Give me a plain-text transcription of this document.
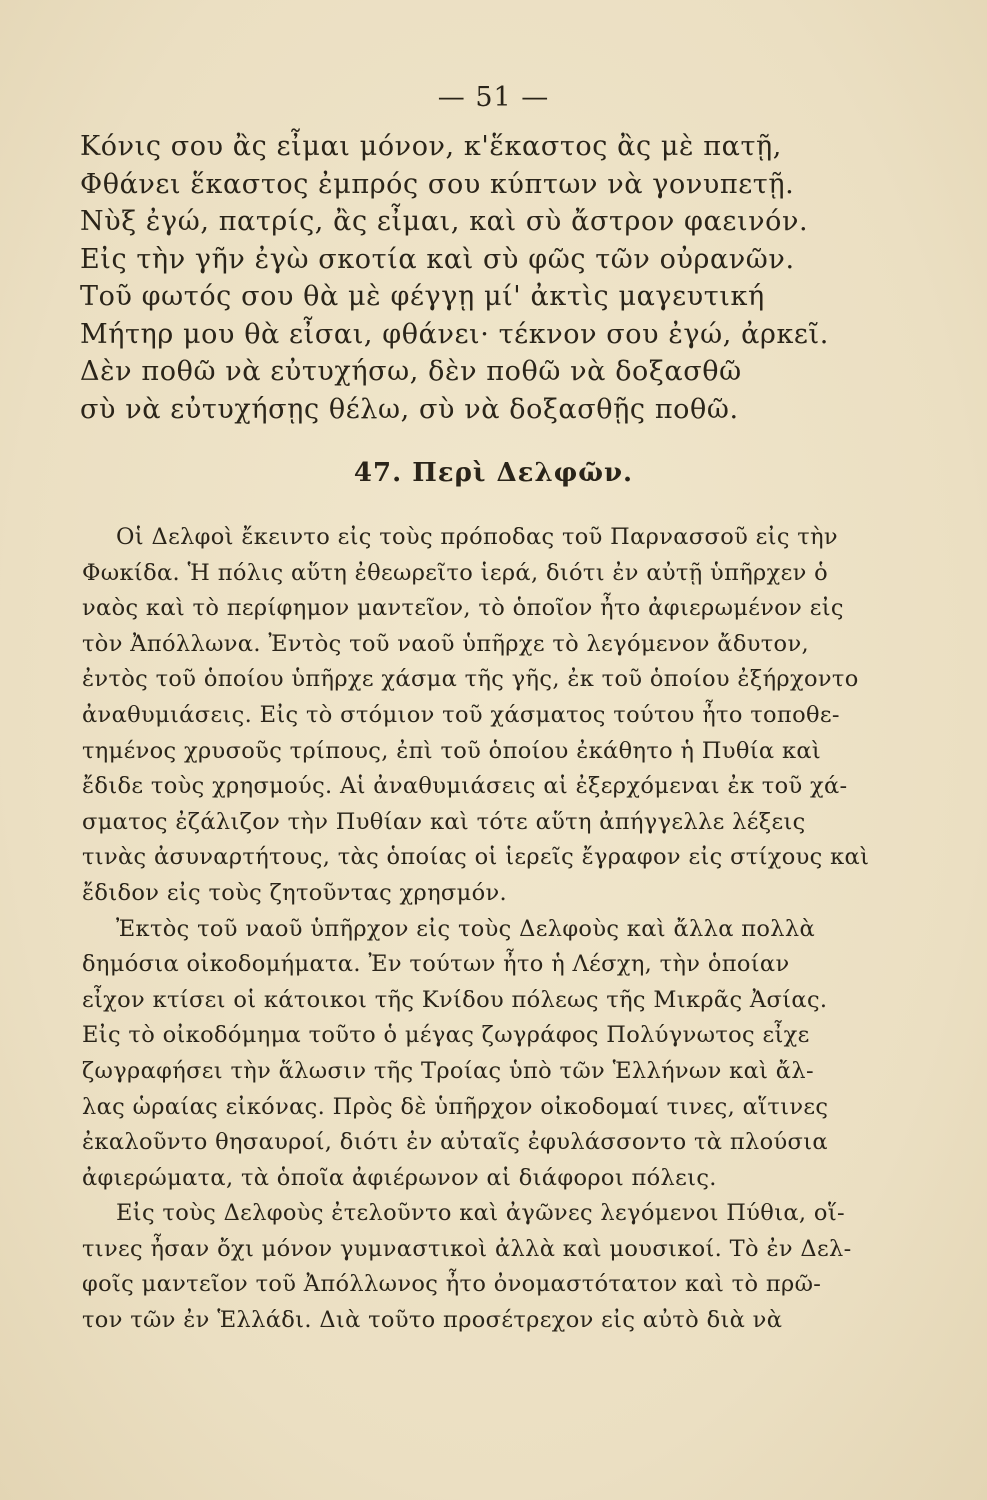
— 51 —
Κόνις σου ἂς εἶμαι μόνον, κ'ἕκαστος ἂς μὲ πατῇ,
Φθάνει ἕκαστος ἐμπρός σου κύπτων νὰ γονυπετῇ.
Νὺξ ἐγώ, πατρίς, ἂς εἶμαι, καὶ σὺ ἄστρον φαεινόν.
Εἰς τὴν γῆν ἐγὼ σκοτία καὶ σὺ φῶς τῶν οὐρανῶν.
Τοῦ φωτός σου θὰ μὲ φέγγῃ μί' ἀκτὶς μαγευτική
Μήτηρ μου θὰ εἶσαι, φθάνει· τέκνον σου ἐγώ, ἀρκεῖ.
Δὲν ποθῶ νὰ εὐτυχήσω, δὲν ποθῶ νὰ δοξασθῶ
σὺ νὰ εὐτυχήσῃς θέλω, σὺ νὰ δοξασθῇς ποθῶ.
47. Περὶ Δελφῶν.
Οἱ Δελφοὶ ἔκειντο εἰς τοὺς πρόποδας τοῦ Παρνασσοῦ εἰς τὴν
Φωκίδα. Ἡ πόλις αὕτη ἐθεωρεῖτο ἱερά, διότι ἐν αὐτῇ ὑπῆρχεν ὁ
ναὸς καὶ τὸ περίφημον μαντεῖον, τὸ ὁποῖον ἦτο ἀφιερωμένον εἰς
τὸν Ἀπόλλωνα. Ἐντὸς τοῦ ναοῦ ὑπῆρχε τὸ λεγόμενον ἄδυτον,
ἐντὸς τοῦ ὁποίου ὑπῆρχε χάσμα τῆς γῆς, ἐκ τοῦ ὁποίου ἐξήρχοντο
ἀναθυμιάσεις. Εἰς τὸ στόμιον τοῦ χάσματος τούτου ἦτο τοποθε-
τημένος χρυσοῦς τρίπους, ἐπὶ τοῦ ὁποίου ἐκάθητο ἡ Πυθία καὶ
ἔδιδε τοὺς χρησμούς. Αἱ ἀναθυμιάσεις αἱ ἐξερχόμεναι ἐκ τοῦ χά-
σματος ἐζάλιζον τὴν Πυθίαν καὶ τότε αὕτη ἀπήγγελλε λέξεις
τινὰς ἀσυναρτήτους, τὰς ὁποίας οἱ ἱερεῖς ἔγραφον εἰς στίχους καὶ
ἔδιδον εἰς τοὺς ζητοῦντας χρησμόν.
Ἐκτὸς τοῦ ναοῦ ὑπῆρχον εἰς τοὺς Δελφοὺς καὶ ἄλλα πολλὰ
δημόσια οἰκοδομήματα. Ἐν τούτων ἦτο ἡ Λέσχη, τὴν ὁποίαν
εἶχον κτίσει οἱ κάτοικοι τῆς Κνίδου πόλεως τῆς Μικρᾶς Ἀσίας.
Εἰς τὸ οἰκοδόμημα τοῦτο ὁ μέγας ζωγράφος Πολύγνωτος εἶχε
ζωγραφήσει τὴν ἅλωσιν τῆς Τροίας ὑπὸ τῶν Ἑλλήνων καὶ ἄλ-
λας ὡραίας εἰκόνας. Πρὸς δὲ ὑπῆρχον οἰκοδομαί τινες, αἵτινες
ἐκαλοῦντο θησαυροί, διότι ἐν αὐταῖς ἐφυλάσσοντο τὰ πλούσια
ἀφιερώματα, τὰ ὁποῖα ἀφιέρωνον αἱ διάφοροι πόλεις.
Εἰς τοὺς Δελφοὺς ἐτελοῦντο καὶ ἀγῶνες λεγόμενοι Πύθια, οἵ-
τινες ἦσαν ὄχι μόνον γυμναστικοὶ ἀλλὰ καὶ μουσικοί. Τὸ ἐν Δελ-
φοῖς μαντεῖον τοῦ Ἀπόλλωνος ἦτο ὀνομαστότατον καὶ τὸ πρῶ-
τον τῶν ἐν Ἑλλάδι. Διὰ τοῦτο προσέτρεχον εἰς αὐτὸ διὰ νὰ
